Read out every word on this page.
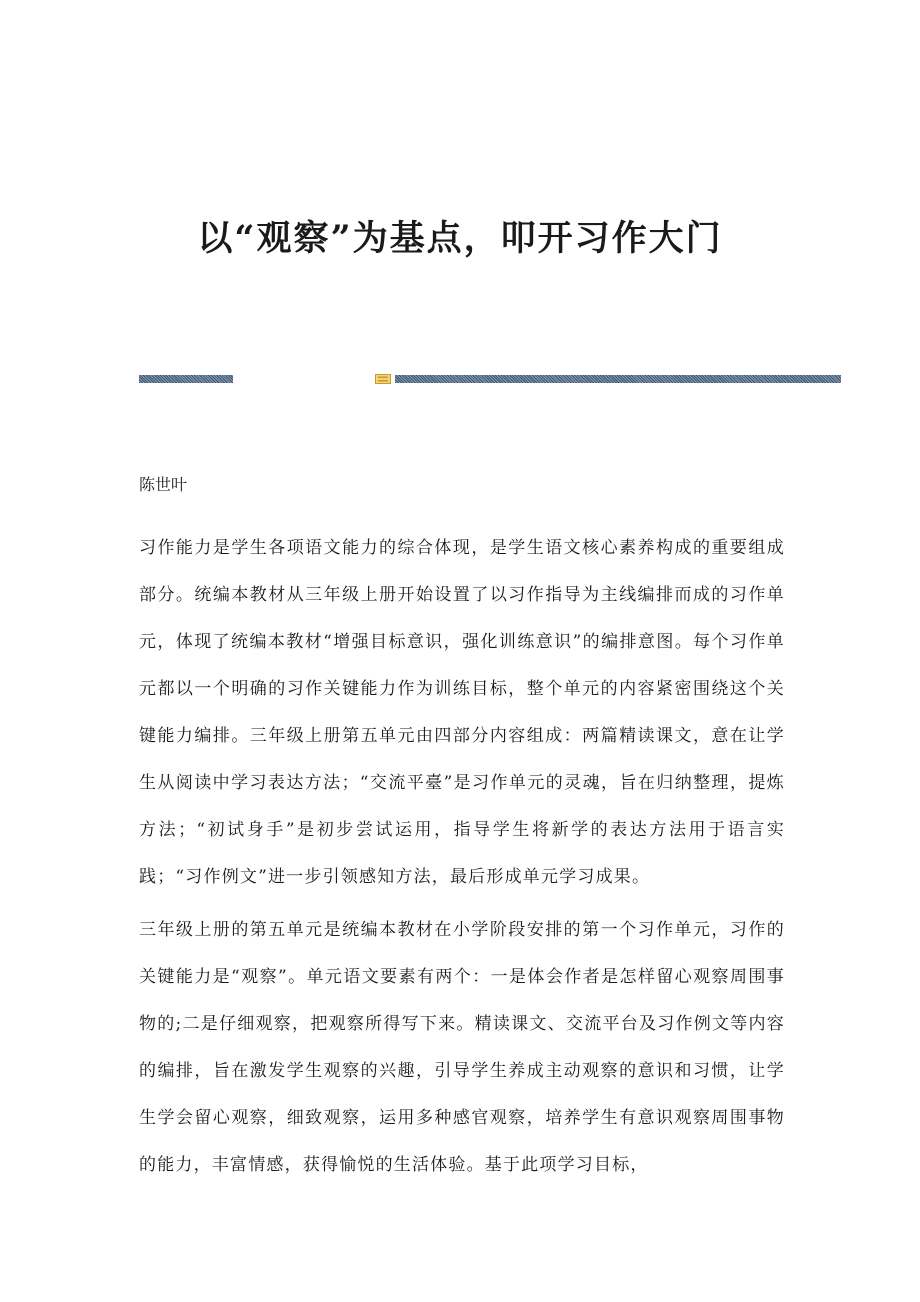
以“观察”为基点，叩开习作大门

陈世叶

习作能力是学生各项语文能力的综合体现，是学生语文核心素养构成的重要组成部分。统编本教材从三年级上册开始设置了以习作指导为主线编排而成的习作单元，体现了统编本教材“增强目标意识，强化训练意识”的编排意图。每个习作单元都以一个明确的习作关键能力作为训练目标，整个单元的内容紧密围绕这个关键能力编排。三年级上册第五单元由四部分内容组成：两篇精读课文，意在让学生从阅读中学习表达方法；“交流平臺”是习作单元的灵魂，旨在归纳整理，提炼方法；“初试身手”是初步尝试运用，指导学生将新学的表达方法用于语言实践；“习作例文”进一步引领感知方法，最后形成单元学习成果。

三年级上册的第五单元是统编本教材在小学阶段安排的第一个习作单元，习作的关键能力是“观察”。单元语文要素有两个：一是体会作者是怎样留心观察周围事物的;二是仔细观察，把观察所得写下来。精读课文、交流平台及习作例文等内容的编排，旨在激发学生观察的兴趣，引导学生养成主动观察的意识和习惯，让学生学会留心观察，细致观察，运用多种感官观察，培养学生有意识观察周围事物的能力，丰富情感，获得愉悦的生活体验。基于此项学习目标，
